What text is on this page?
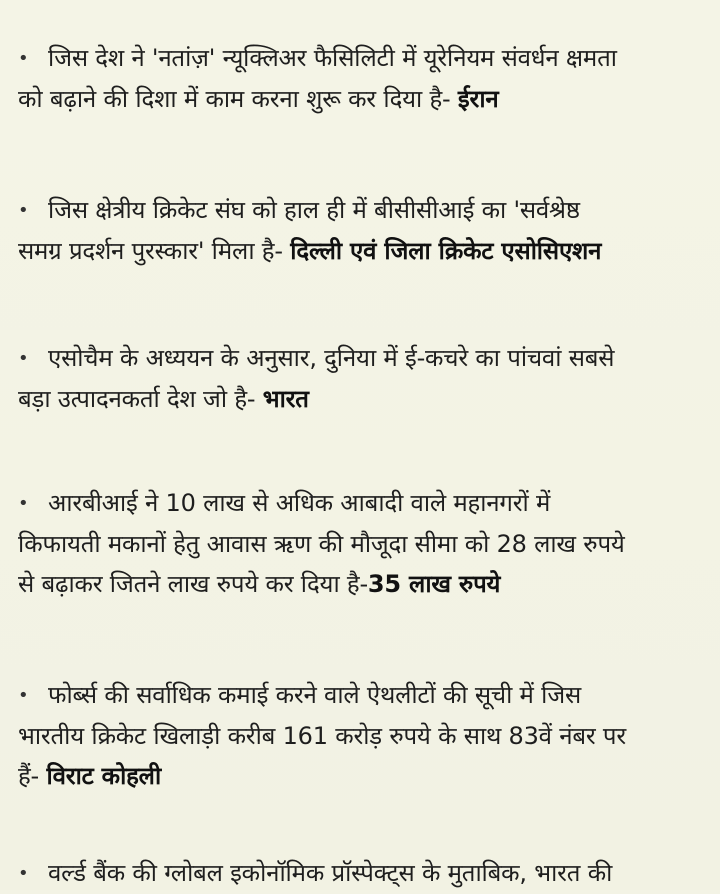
• जिस देश ने 'नतांज़' न्यूक्लिअर फैसिलिटी में यूरेनियम संवर्धन क्षमता
को बढ़ाने की दिशा में काम करना शुरू कर दिया है- ईरान
• जिस क्षेत्रीय क्रिकेट संघ को हाल ही में बीसीसीआई का 'सर्वश्रेष्ठ
समग्र प्रदर्शन पुरस्कार' मिला है- दिल्ली एवं जिला क्रिकेट एसोसिएशन
• एसोचैम के अध्ययन के अनुसार, दुनिया में ई-कचरे का पांचवां सबसे
बड़ा उत्पादनकर्ता देश जो है- भारत
• आरबीआई ने 10 लाख से अधिक आबादी वाले महानगरों में
किफायती मकानों हेतु आवास ऋण की मौजूदा सीमा को 28 लाख रुपये
से बढ़ाकर जितने लाख रुपये कर दिया है-35 लाख रुपये
• फोर्ब्स की सर्वाधिक कमाई करने वाले ऐथलीटों की सूची में जिस
भारतीय क्रिकेट खिलाड़ी करीब 161 करोड़ रुपये के साथ 83वें नंबर पर
हैं- विराट कोहली
• वर्ल्ड बैंक की ग्लोबल इकोनॉमिक प्रॉस्पेक्ट्स के मुताबिक, भारत की
